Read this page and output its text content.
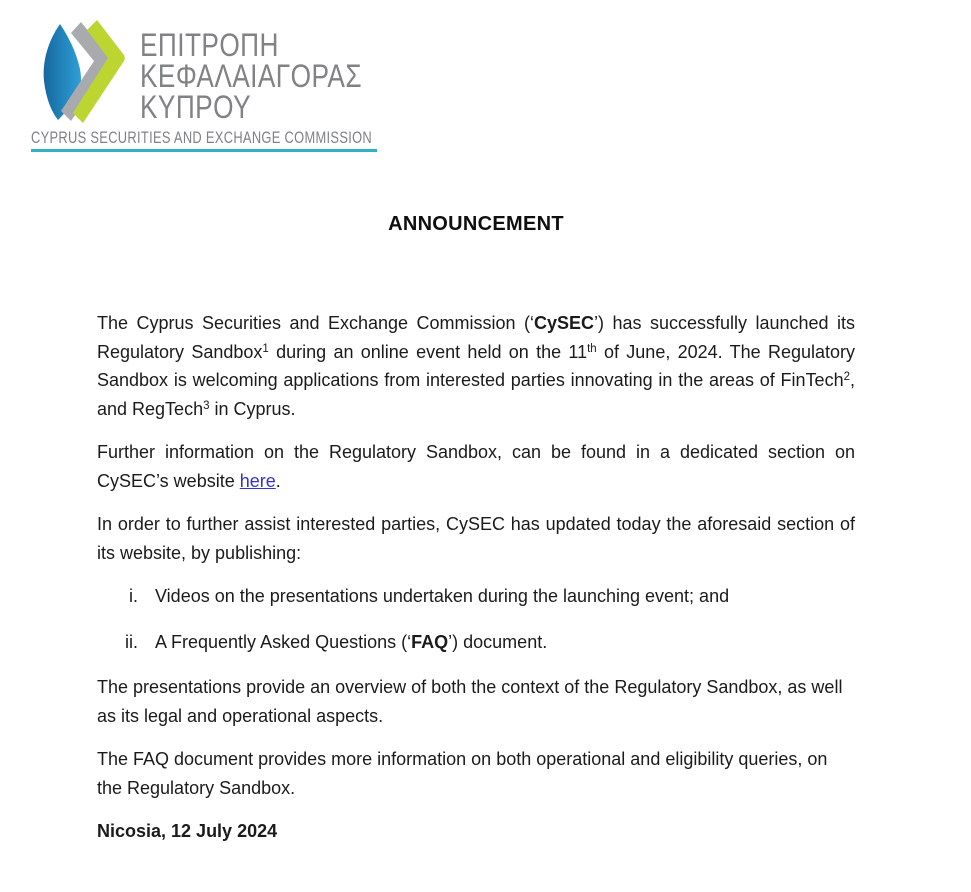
ΕΠΙΤΡΟΠΗ
ΚΕΦΑΛΑΙΑΓΟΡΑΣ
ΚΥΠΡΟΥ
CYPRUS SECURITIES AND EXCHANGE COMMISSION
ANNOUNCEMENT

The Cyprus Securities and Exchange Commission (‘CySEC’) has successfully launched its Regulatory Sandbox$^1$ during an online event held on the 11th of June, 2024. The Regulatory Sandbox is welcoming applications from interested parties innovating in the areas of FinTech$^2$, and RegTech$^3$ in Cyprus.

Further information on the Regulatory Sandbox, can be found in a dedicated section on CySEC’s website here.

In order to further assist interested parties, CySEC has updated today the aforesaid section of its website, by publishing:

i. Videos on the presentations undertaken during the launching event; and
ii. A Frequently Asked Questions (‘FAQ’) document.

The presentations provide an overview of both the context of the Regulatory Sandbox, as well as its legal and operational aspects.

The FAQ document provides more information on both operational and eligibility queries, on the Regulatory Sandbox.

Nicosia, 12 July 2024
